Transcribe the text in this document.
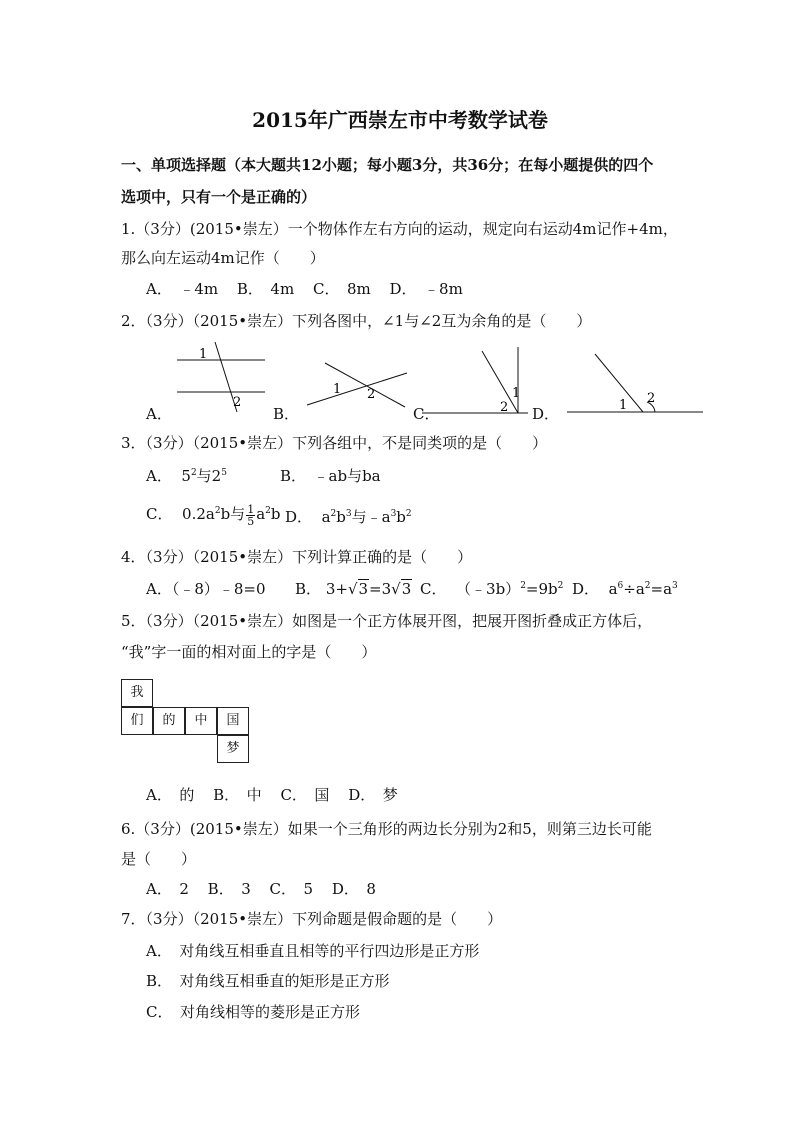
2015年广西崇左市中考数学试卷
一、单项选择题（本大题共12小题；每小题3分，共36分；在每小题提供的四个
选项中，只有一个是正确的）
1.（3分）(2015•崇左）一个物体作左右方向的运动，规定向右运动4m记作+4m，
那么向左运动4m记作（　　）
A．　﹣4m B．　4m C．　8m D．　﹣8m
2．（3分）（2015•崇左）下列各图中，∠1与∠2互为余角的是（　　）
A．	B．	C．	D．
1
2
1 2	1
2	1 2
3．（3分）（2015•崇左）下列各组中，不是同类项的是（　　）
A． $5^2$与$2^5$	B．　﹣ab与ba
C． $0.2a^2b$与 $\frac{1}{5} a^2b$ D． $a^2b^3$与$﹣a^3b^2$
4．（3分）（2015•崇左）下列计算正确的是（　　）
A．（﹣8）﹣8=0 B． 3+√3=3√3 C． $(﹣3b)^2=9b^2$ D． $a^6\div a^2=a^3$
5．（3分）（2015•崇左）如图是一个正方体展开图，把展开图折叠成正方体后，
“我”字一面的相对面上的字是（　　）
我
们	的	中	国
梦
A．　的 B．　中 C．　国 D．　梦
6.（3分）(2015•崇左）如果一个三角形的两边长分别为2和5，则第三边长可能
是（　　）
A．　2 B．　3 C．　5 D．　8
7．（3分）（2015•崇左）下列命题是假命题的是（　　）
A．　对角线互相垂直且相等的平行四边形是正方形
B．　对角线互相垂直的矩形是正方形
C．　对角线相等的菱形是正方形
